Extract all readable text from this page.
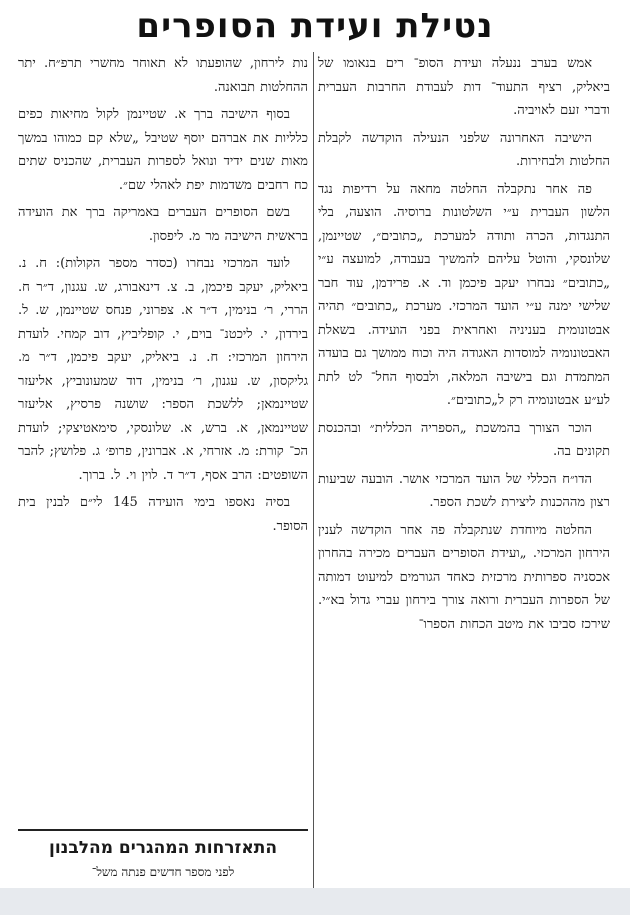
נטילת ועידת הסופרים

אמש בערב ננעלה ועידת הסופ־ רים בנאומו של ביאליק, רציף התעוד־ דות לעבודת החרבות העברית ודברי זעם לאויביה.

הישיבה האחרונה שלפני הנעילה הוקדשה לקבלת החלטות ולבחירות.

פה אחר נתקבלה החלטה מחאה על רדיפות נגד הלשון העברית ע״י השלטונות ברוסיה. הוצעה, בלי התנגדות, הכרה ותודה למערכת „כתובים״, שטיינמן, שלונסקי, והוטל עליהם להמשיך בעבודה, למועצה ע״י „כתובים״ נבחרו יעקב פיכמן וד. א. פרידמן, עוד חבר שלישי ימנה ע״י הועד המרכזי. מערכת „כתובים״ תהיה אבטונומית בעניניה ואחראית בפני הועידה. בשאלת האבטונומיה למוסדות האגודה היה וכוח ממושך גם בועדה המתמדת וגם בישיבה המלאה, ולבסוף החל־ לט לתת לע״ע אבטונומיה רק ל„כתובים״.

הוכר הצורך בהמשכת „הספריה הכללית״ ובהכנסת תקונים בה.

הדו״ח הכללי של הועד המרכזי אושר. הובעה שביעות רצון מההכנות ליצירת לשכת הספר.

החלטה מיוחדת שנתקבלה פה אחר הוקדשה לענין הירחון המרכזי. „ועידת הסופרים העברים מכירה בהחרון אכסניה ספרותית מרכזית כאחד הגורמים למיעוט דמותה של הספרות העברית ורואה צורך בירחון עברי גדול בא״י. שירכז סביבו את מיטב הכחות הספרו־

נות לירחון, שהופעתו לא תאוחר מחשרי תרפ״ח. יתר ההחלטות תבואנה.

בסוף הישיבה ברך א. שטיינמן לקול מחיאות כפים כלליות את אברהם יוסף שטיבל „שלא קם כמוהו במשך מאות שנים ידיד ונואל לספרות העברית, שהכניס שתים כח רחבים משדמות יפת לאהלי שם״.

בשם הסופרים העברים באמריקה ברך את הועידה בראשית הישיבה מר מ. ליפסון.

לועד המרכזי נבחרו (כסדר מספר הקולות): ח. נ. ביאליק, יעקב פיכמן, ב. צ. דינאבורג, ש. עגנון, ד״ר ח. הררי, ר׳ בנימין, ד״ר א. צפרוני, פנחס שטיינמן, ש. ל. בירדון, י. ליכטנ־ בוים, י. קופליביץ, דוב קמחי. לועדת הירחון המרכזי: ח. נ. ביאליק, יעקב פיכמן, ד״ר מ. גליקסון, ש. עגנון, ר׳ בנימין, דוד שמעונוביץ, אליעזר שטיינמאן; ללשכת הספר: שושנה פרסיץ, אליעזר שטיינמאן, א. ברש, א. שלונסקי, סימאטיצקי; לועדת הכ־ קורת: מ. אזרחי, א. אברונין, פרופ׳ ג. פלושץ; להבר השופטים: הרב אסף, ד״ר ד. לוין וי. ל. ברוך.

בסיה נאספו בימי הועידה 145 לי״ם לבנין בית הסופר.

התאזרחות המהגרים מהלבנון
לפני מספר חדשים פנתה משל־
